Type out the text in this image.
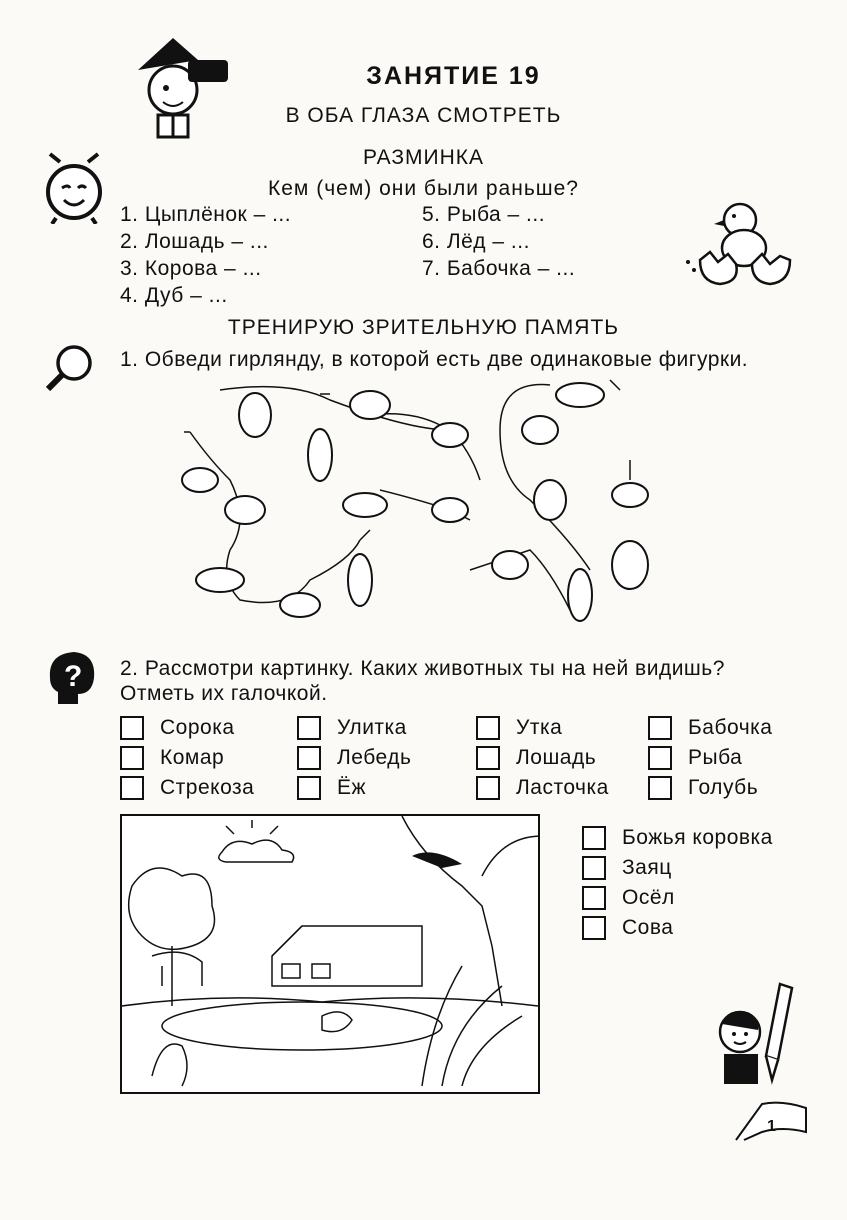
ЗАНЯТИЕ 19
В ОБА ГЛАЗА СМОТРЕТЬ
РАЗМИНКА
Кем (чем) они были раньше?
1. Цыплёнок – ...
2. Лошадь – ...
3. Корова – ...
4. Дуб – ...
5. Рыба – ...
6. Лёд – ...
7. Бабочка – ...
ТРЕНИРУЮ ЗРИТЕЛЬНУЮ ПАМЯТЬ
1. Обведи гирлянду, в которой есть две одинаковые фигурки.
? 2. Рассмотри картинку. Каких животных ты на ней видишь?
Отметь их галочкой.
Сорока
Комар
Стрекоза
Улитка
Лебедь
Ёж
Утка
Лошадь
Ласточка
Бабочка
Рыба
Голубь
Божья коровка
Заяц
Осёл
Сова
1
